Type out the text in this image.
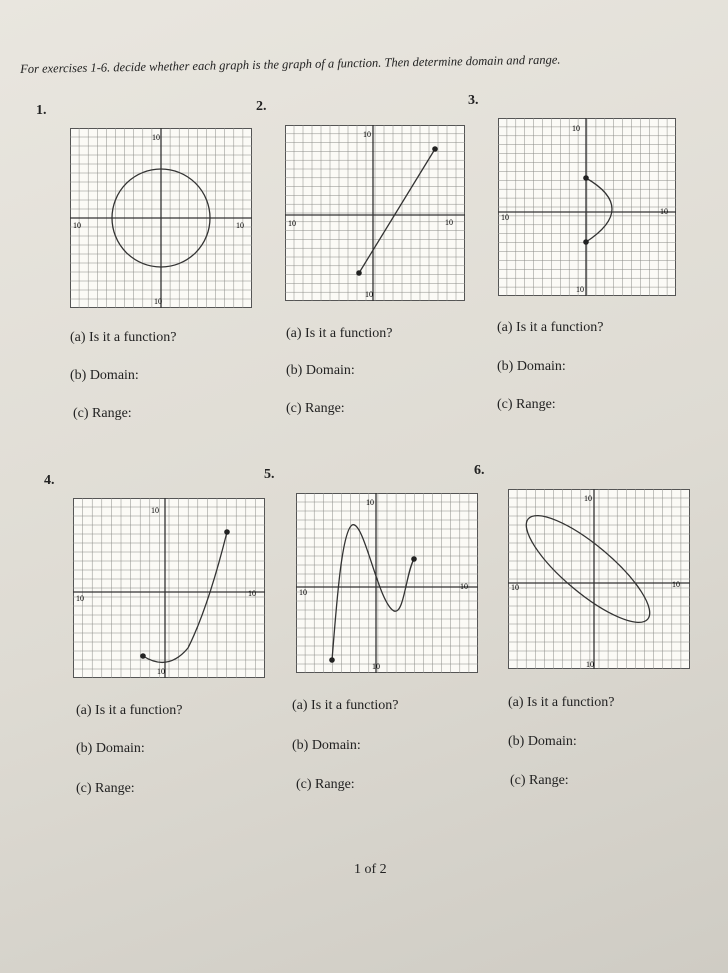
For exercises 1-6. decide whether each graph is the graph of a function. Then determine domain and range.
1.
10
10
10	10
(a) Is it a function?
(b) Domain:
(c) Range:
2.
10
10
10	10
(a) Is it a function?
(b) Domain:
(c) Range:
3.
10
10
10
10
(a) Is it a function?
(b) Domain:
(c) Range:
4.
10
10
10
10
(a) Is it a function?
(b) Domain:
(c) Range:
5.
10
10
10
10
(a) Is it a function?
(b) Domain:
(c) Range:
6.
10
10
10	10
(a) Is it a function?
(b) Domain:
(c) Range:
1 of 2
